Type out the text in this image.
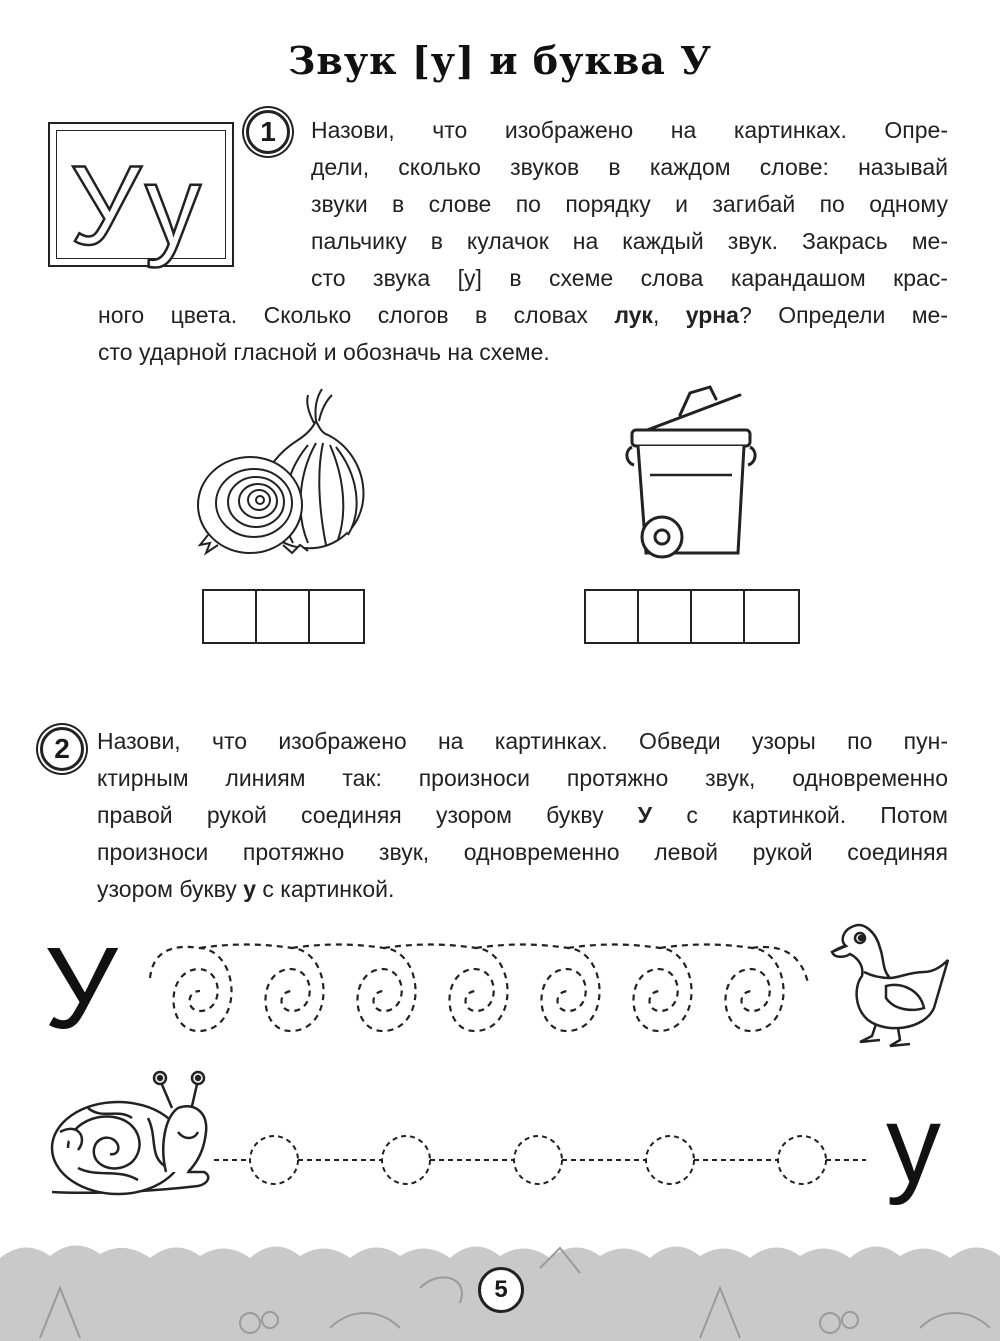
Звук [у] и буква У
У у
1	Назови, что изображено на картинках. Опре-
дели, сколько звуков в каждом слове: называй
звуки в слове по порядку и загибай по одному
пальчику в кулачок на каждый звук. Закрась ме-
сто звука [у] в схеме слова карандашом крас-
ного цвета. Сколько слогов в словах лук, урна? Определи ме-
сто ударной гласной и обозначь на схеме.
2	Назови, что изображено на картинках. Обведи узоры по пун-
ктирным линиям так: произноси протяжно звук, одновременно
правой рукой соединяя узором букву У с картинкой. Потом
произноси протяжно звук, одновременно левой рукой соединяя
узором букву у с картинкой.
У
у
5
